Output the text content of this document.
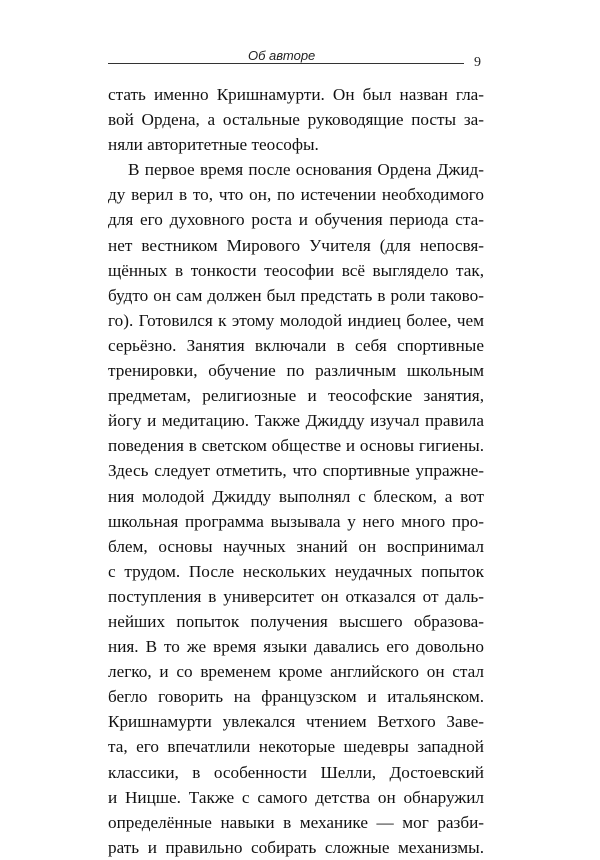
Об авторе	9
стать именно Кришнамурти. Он был назван гла-
вой Ордена, а остальные руководящие посты за-
няли авторитетные теософы.
В первое время после основания Ордена Джид-
ду верил в то, что он, по истечении необходимого
для его духовного роста и обучения периода ста-
нет вестником Мирового Учителя (для непосвя-
щённых в тонкости теософии всё выглядело так,
будто он сам должен был предстать в роли таково-
го). Готовился к этому молодой индиец более, чем
серьёзно. Занятия включали в себя спортивные
тренировки, обучение по различным школьным
предметам, религиозные и теософские занятия,
йогу и медитацию. Также Джидду изучал правила
поведения в светском обществе и основы гигиены.
Здесь следует отметить, что спортивные упражне-
ния молодой Джидду выполнял с блеском, а вот
школьная программа вызывала у него много про-
блем, основы научных знаний он воспринимал
с трудом. После нескольких неудачных попыток
поступления в университет он отказался от даль-
нейших попыток получения высшего образова-
ния. В то же время языки давались его довольно
легко, и со временем кроме английского он стал
бегло говорить на французском и итальянском.
Кришнамурти увлекался чтением Ветхого Заве-
та, его впечатлили некоторые шедевры западной
классики, в особенности Шелли, Достоевский
и Ницше. Также с самого детства он обнаружил
определённые навыки в механике — мог разби-
рать и правильно собирать сложные механизмы.
